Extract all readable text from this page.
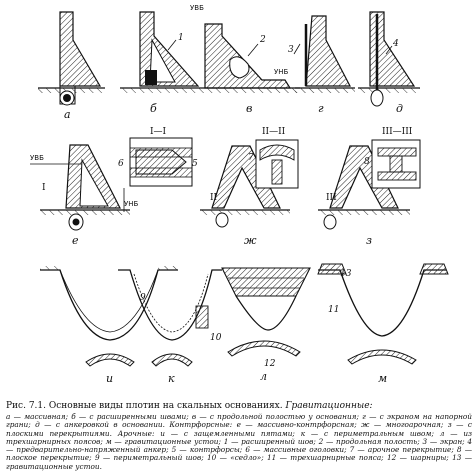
а	б	в	г	д
е	ж	з
и	к	л	м
1	2
3
4
5
6
7	8
9
10
11
12
13
I—I	II—II	III—III
I
II	III
УВБ
УНБ
УВБ
УНБ
Рис. 7.1. Основные виды плотин на скальных основаниях. Гравитационные:
а — массивная; б — с расширенными швами; в — с продольной полостью у основания; г — с экраном на напорной грани; д — с анкеровкой в основании. Контрфорсные: е — массивно-контрфорсная; ж — многоарочная; з — с плоскими перекрытиями. Арочные: и — с защемленными пятами; к — с периметральным швом; л — из трехшарнирных поясов; м — гравитационные устои; 1 — расширенный шов; 2 — продольная полость; 3 — экран; 4 — предварительно-напряженный анкер; 5 — контрфорсы; 6 — массивные оголовки; 7 — арочное перекрытие; 8 — плоское перекрытие; 9 — периметральный шов; 10 — «седло»; 11 — трехшарнирные пояса; 12 — шарниры; 13 — гравитационные устои.
